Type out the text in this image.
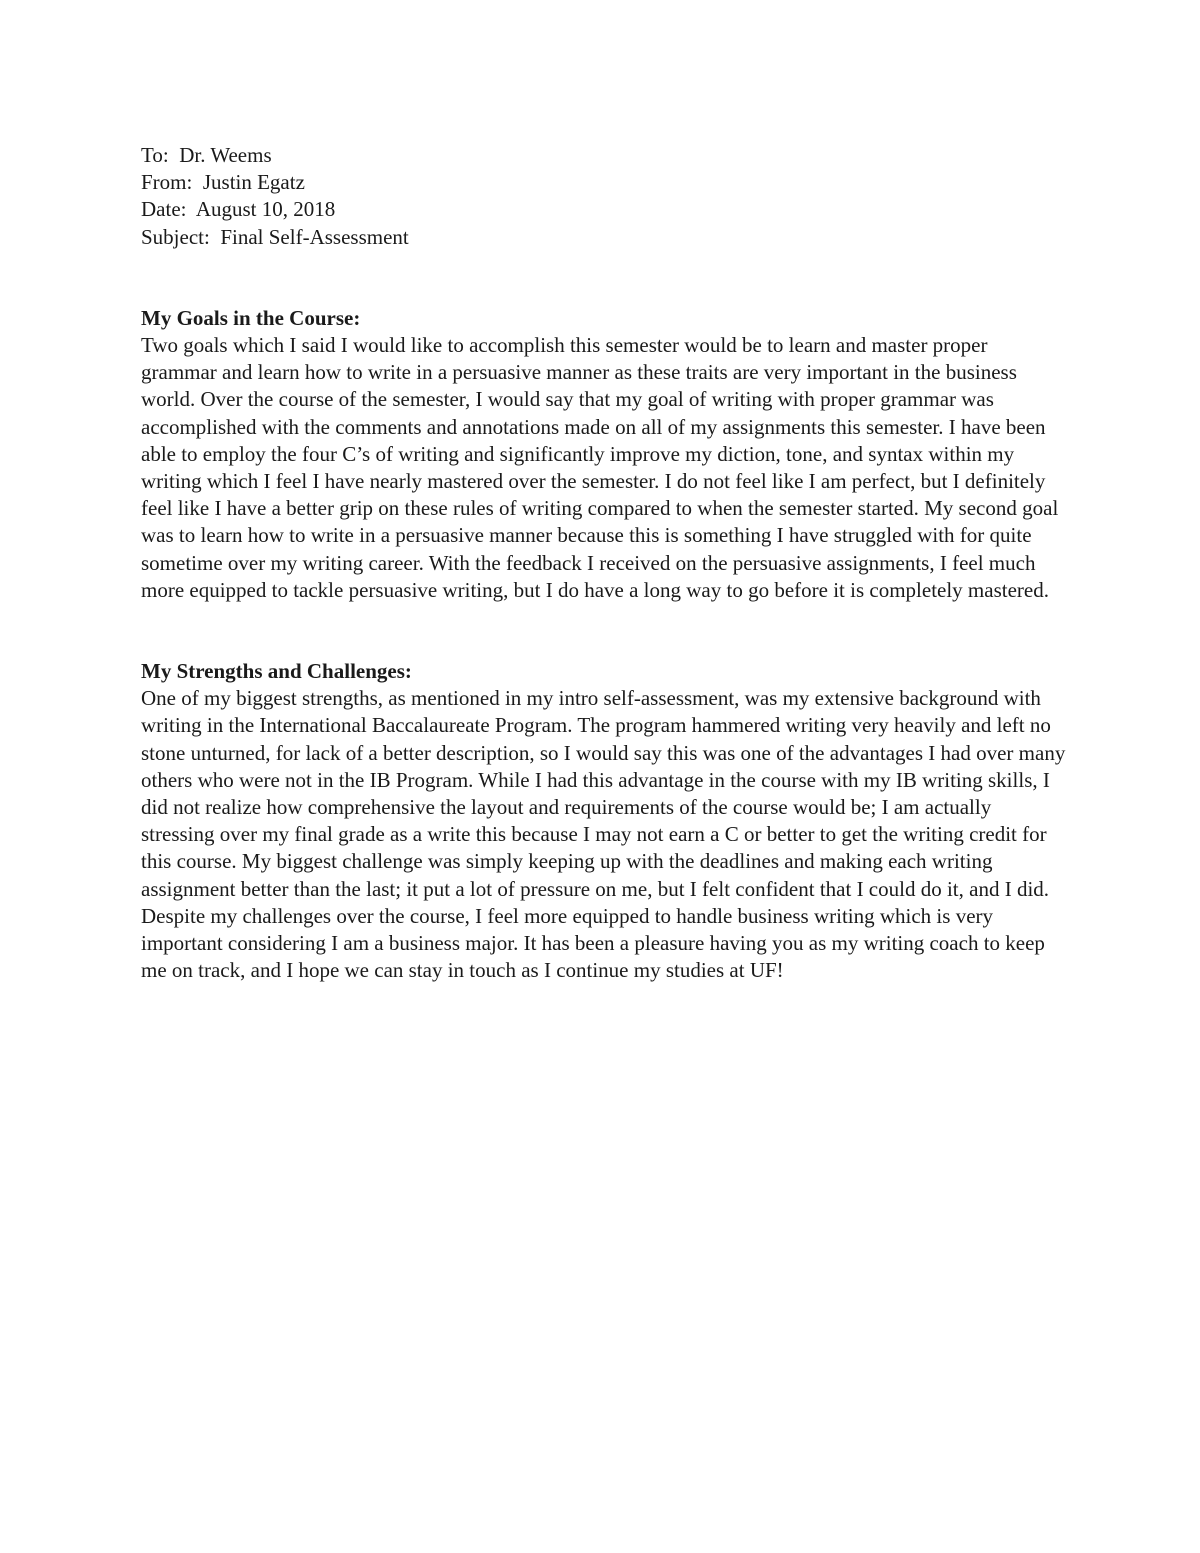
To: Dr. Weems
From: Justin Egatz
Date: August 10, 2018
Subject: Final Self-Assessment
My Goals in the Course:
Two goals which I said I would like to accomplish this semester would be to learn and master proper grammar and learn how to write in a persuasive manner as these traits are very important in the business world. Over the course of the semester, I would say that my goal of writing with proper grammar was accomplished with the comments and annotations made on all of my assignments this semester. I have been able to employ the four C’s of writing and significantly improve my diction, tone, and syntax within my writing which I feel I have nearly mastered over the semester. I do not feel like I am perfect, but I definitely feel like I have a better grip on these rules of writing compared to when the semester started. My second goal was to learn how to write in a persuasive manner because this is something I have struggled with for quite sometime over my writing career. With the feedback I received on the persuasive assignments, I feel much more equipped to tackle persuasive writing, but I do have a long way to go before it is completely mastered.
My Strengths and Challenges:
One of my biggest strengths, as mentioned in my intro self-assessment, was my extensive background with writing in the International Baccalaureate Program. The program hammered writing very heavily and left no stone unturned, for lack of a better description, so I would say this was one of the advantages I had over many others who were not in the IB Program. While I had this advantage in the course with my IB writing skills, I did not realize how comprehensive the layout and requirements of the course would be; I am actually stressing over my final grade as a write this because I may not earn a C or better to get the writing credit for this course. My biggest challenge was simply keeping up with the deadlines and making each writing assignment better than the last; it put a lot of pressure on me, but I felt confident that I could do it, and I did. Despite my challenges over the course, I feel more equipped to handle business writing which is very important considering I am a business major. It has been a pleasure having you as my writing coach to keep me on track, and I hope we can stay in touch as I continue my studies at UF!
